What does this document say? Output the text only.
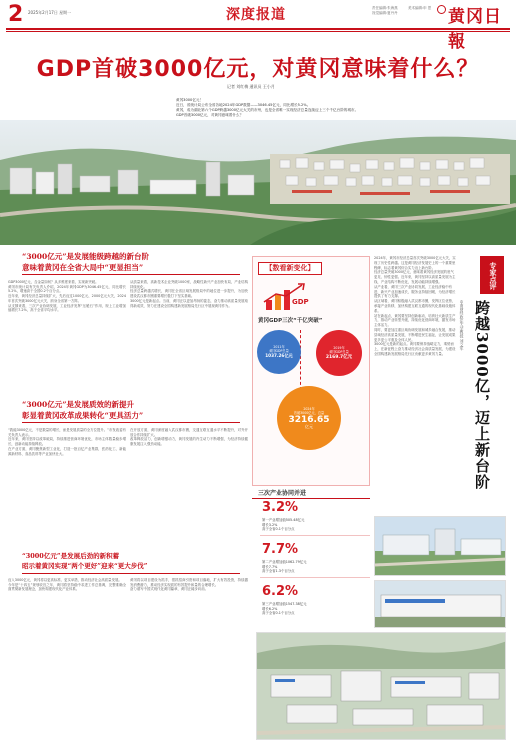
2 2025年2月17日 星期一	深度报道	责任编辑:朱海燕
视觉编辑:夏丹丹
美术编辑:申 思 黄冈日報
GDP首破3000亿元，对黄冈意味着什么？
记者 刘红梅 通讯员 王小月
黄冈3000亿元！
近日，省统计局公布全省各地2024年GDP数据——3046.45亿元，同比增长5.2%。
黄冈，成为湖北第六个GDP跨越3000亿元大关的市州，也是全省唯一实现经济总量连续迈上三个千亿台阶的城市。
GDP首破3000亿元，对黄冈意味着什么？
“3000亿元”是发展能级跨越的新台阶
意味着黄冈在全省大局中“更显担当”

GDP3000亿元，含金量如何？从多维度来看，实现新突破。

黄冈市统计局有关负责人介绍，2024年黄冈GDP为3046.45亿元，同比增长5.2%，增速高于全国0.2个百分点。

近年来，黄冈经济总量持续扩大，先后迈过1000亿元、2000亿元大关，2024年首次突破3000亿元大关，跻身全省第一方阵。

从支撑来看，三次产业协调发展，工业经济发挥“压舱石”作用，规上工业增加值增长7.2%，高于全省平均水平。

从质量来看，高新技术企业突破1000家，战略性新兴产业加快布局，产业结构持续优化。

经济总量跨越式增长，黄冈在全省区域发展格局中的地位进一步提升，为加快建设武汉都市圈重要增长极打下坚实基础。

3000亿元是新起点。当前，黄冈正以更加昂扬的姿态，奋力推动高质量发展取得新成效，努力在建设全国构建新发展格局先行区中展现黄冈作为。

“3000亿元”是发展质效的新提升
彰显着黄冈改革成果转化“更具活力”

“我能3000亿元，不是数量的增长，而是发展质量的全方位提升。”市发改委有关负责人表示。

近年来，黄冈坚持以改革破局，持续推进营商环境优化，市场主体数量稳步增长，创新动能持续释放。

在产业方面，黄冈聚焦新型工业化，打造一批百亿产业集群，医药化工、新能源新材料、食品饮料等产业加快壮大。

在开放方面，黄冈深度融入武汉都市圈，交通互联互通水平不断提升，对外开放合作持续扩大。

改革释放活力，创新增强动力，黄冈发展的内生动力不断增强，为经济持续健康发展注入强劲动能。

“3000亿元”是发展后劲的新积蓄
昭示着黄冈实现“两个更好”迎来“更大步伐”

迈入3000亿元，黄冈将以更高标准、更实举措，推动经济社会高质量发展。

今年是“十四五”规划收官之年，黄冈将坚持稳中求进工作总基调，完整准确全面贯彻新发展理念，加快构建现代化产业体系。

黄冈将以项目建设为抓手，狠抓招商引资和项目落地，扩大有效投资，持续激发消费潜力，推动经济实现质的有效提升和量的合理增长。

奋力谱写中国式现代化黄冈篇章，黄冈正阔步向前。

【数看新变化】
GDP
黄冈GDP三次“千亿突破”
2011年
黄冈GDP总量
1037.26亿元
2019年
黄冈GDP总量
2169.7亿元
2024年
首破3000亿元，总量
3216.65
亿元
三次产业协同并进
3.2%
第一产业增加值505.48亿元
增长3.2%
高于全省0.1个百分点
7.7%
第二产业增加值1062.79亿元
增长7.7%
高于全省1.3个百分点
6.2%
第三产业增加值1547.38亿元
增长6.2%
高于全省0.1个百分点
专家点评
跨越3000亿，迈上新台阶
中南财经政法大学教授 刘文军

2024年，黄冈市经济总量首次突破3000亿元大关，实现了历史性跨越。这是黄冈经济发展史上的一个重要里程碑，标志着黄冈综合实力迈上新台阶。

经济总量突破3000亿元，意味着黄冈经济发展的底气更足、韧性更强。近年来，黄冈坚持以高质量发展为主线，产业结构不断优化，发展动能持续增强。

从产业看，黄冈三次产业协同发展，工业经济稳中有进，新兴产业加速成长，服务业持续回暖，为经济增长提供了有力支撑。

从区域看，黄冈积极融入武汉都市圈，发挥区位优势，承接产业转移，加快构建互联互通的现代化基础设施体系。

站在新起点，黄冈要坚持创新驱动，培育壮大新质生产力，推动产业转型升级，持续优化营商环境，激发市场主体活力。

同时，要更加注重区域协调发展和城乡融合发展，推动县域经济高质量发展，不断增进民生福祉，让发展成果更多更公平惠及全体人民。

3000亿元是新的起点。黄冈要保持战略定力，乘势而上，在新征程上奋力推动经济社会高质量发展，为建设全国构建新发展格局先行区贡献更多黄冈力量。
